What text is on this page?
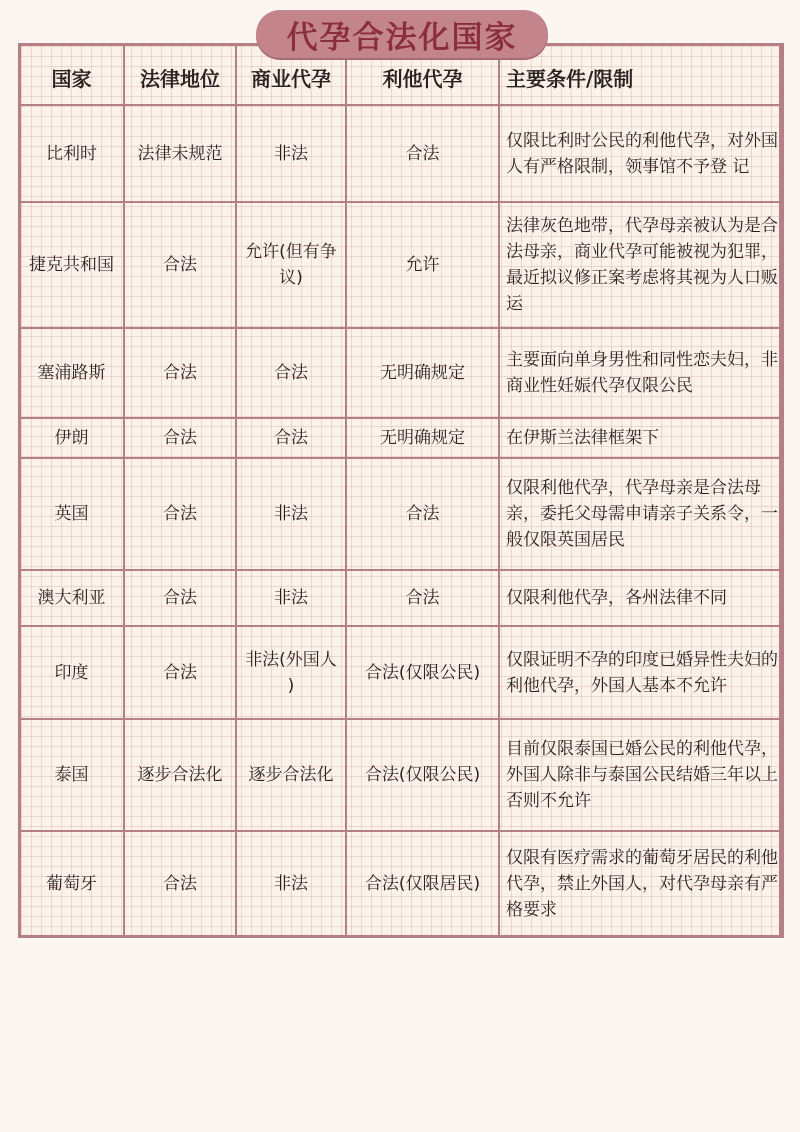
代孕合法化国家
国家	法律地位	商业代孕	利他代孕	主要条件/限制
比利时	法律未规范	非法	合法	仅限比利时公民的利他代孕，对外国人有严格限制，领事馆不予登 记
捷克共和国	合法	允许(但有争议)	允许	法律灰色地带，代孕母亲被认为是合法母亲，商业代孕可能被视为犯罪，最近拟议修正案考虑将其视为人口贩运
塞浦路斯	合法	合法	无明确规定	主要面向单身男性和同性恋夫妇，非商业性妊娠代孕仅限公民
伊朗	合法	合法	无明确规定	在伊斯兰法律框架下
英国	合法	非法	合法	仅限利他代孕，代孕母亲是合法母亲，委托父母需申请亲子关系令，一般仅限英国居民
澳大利亚	合法	非法	合法	仅限利他代孕，各州法律不同
印度	合法	非法(外国人 )	合法(仅限公民)	仅限证明不孕的印度已婚异性夫妇的利他代孕，外国人基本不允许
泰国	逐步合法化	逐步合法化	合法(仅限公民)	目前仅限泰国已婚公民的利他代孕，外国人除非与泰国公民结婚三年以上否则不允许
葡萄牙	合法	非法	合法(仅限居民)	仅限有医疗需求的葡萄牙居民的利他代孕，禁止外国人，对代孕母亲有严格要求
